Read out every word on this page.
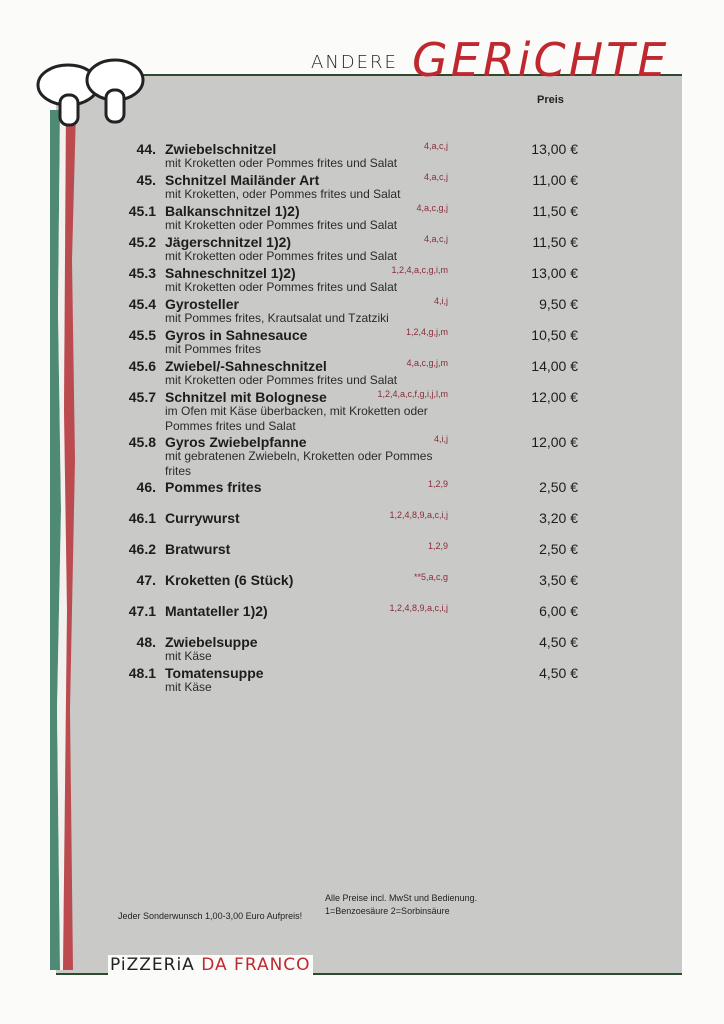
ANDERE GERiCHTE
Preis
44. Zwiebelschnitzel	4,a,c,j	13,00 €
mit Kroketten oder Pommes frites und Salat
45. Schnitzel Mailänder Art	4,a,c,j	11,00 €
mit Kroketten, oder Pommes frites und Salat
45.1 Balkanschnitzel 1)2)	4,a,c,g,j	11,50 €
mit Kroketten oder Pommes frites und Salat
45.2 Jägerschnitzel 1)2)	4,a,c,j	11,50 €
mit Kroketten oder Pommes frites und Salat
45.3 Sahneschnitzel 1)2)	1,2,4,a,c,g,i,m	13,00 €
mit Kroketten oder Pommes frites und Salat
45.4 Gyrosteller	4,i,j	9,50 €
mit Pommes frites, Krautsalat und Tzatziki
45.5 Gyros in Sahnesauce	1,2,4,g,j,m	10,50 €
mit Pommes frites
45.6 Zwiebel/-Sahneschnitzel	4,a,c,g,j,m	14,00 €
mit Kroketten oder Pommes frites und Salat
45.7 Schnitzel mit Bolognese	1,2,4,a,c,f,g,i,j,l,m	12,00 €
im Ofen mit Käse überbacken, mit Kroketten oder
Pommes frites und Salat
45.8 Gyros Zwiebelpfanne	4,i,j	12,00 €
mit gebratenen Zwiebeln, Kroketten oder Pommes
frites
46. Pommes frites	1,2,9	2,50 €
46.1 Currywurst	1,2,4,8,9,a,c,i,j	3,20 €
46.2 Bratwurst	1,2,9	2,50 €
47. Kroketten (6 Stück)	**5,a,c,g	3,50 €
47.1 Mantateller 1)2)	1,2,4,8,9,a,c,i,j	6,00 €
48. Zwiebelsuppe	4,50 €
mit Käse
48.1 Tomatensuppe	4,50 €
mit Käse
Alle Preise incl. MwSt und Bedienung.
1=Benzoesäure 2=Sorbinsäure
Jeder Sonderwunsch 1,00-3,00 Euro Aufpreis!
PiZZERiA DA FRANCO
